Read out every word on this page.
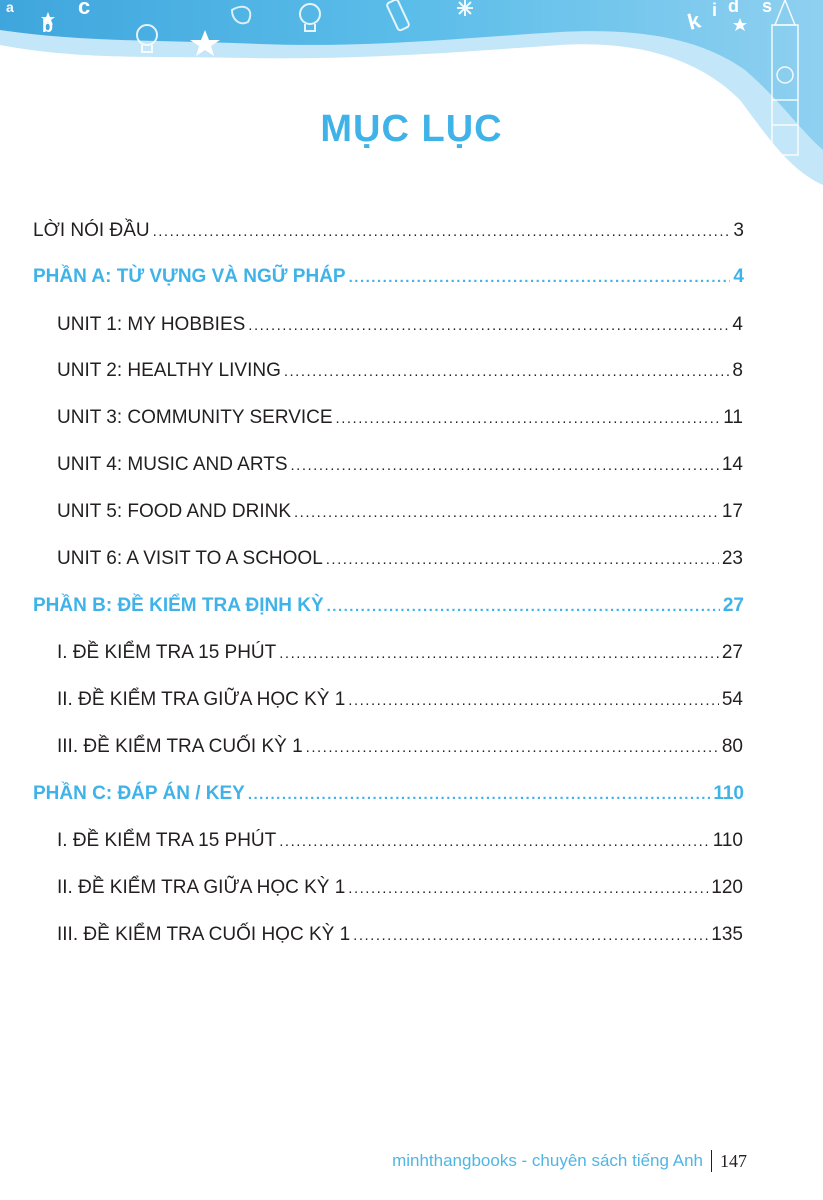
a
b
c
k i d s
MỤC LỤC
LỜI NÓI ĐẦU .....	3
PHẦN A: TỪ VỰNG VÀ NGỮ PHÁP .....	4
UNIT 1: MY HOBBIES .....	4
UNIT 2: HEALTHY LIVING .....	8
UNIT 3: COMMUNITY SERVICE .....	11
UNIT 4: MUSIC AND ARTS .....	14
UNIT 5: FOOD AND DRINK .....	17
UNIT 6: A VISIT TO A SCHOOL .....	23
PHẦN B: ĐỀ KIỂM TRA ĐỊNH KỲ .....	27
I. ĐỀ KIỂM TRA 15 PHÚT .....	27
II. ĐỀ KIỂM TRA GIỮA HỌC KỲ 1 .....	54
III. ĐỀ KIỂM TRA CUỐI KỲ 1 .....	80
PHẦN C: ĐÁP ÁN / KEY .....	110
I. ĐỀ KIỂM TRA 15 PHÚT .....	110
II. ĐỀ KIỂM TRA GIỮA HỌC KỲ 1 .....	120
III. ĐỀ KIỂM TRA CUỐI HỌC KỲ 1 .....	135
minhthangbooks - chuyên sách tiếng Anh 147
